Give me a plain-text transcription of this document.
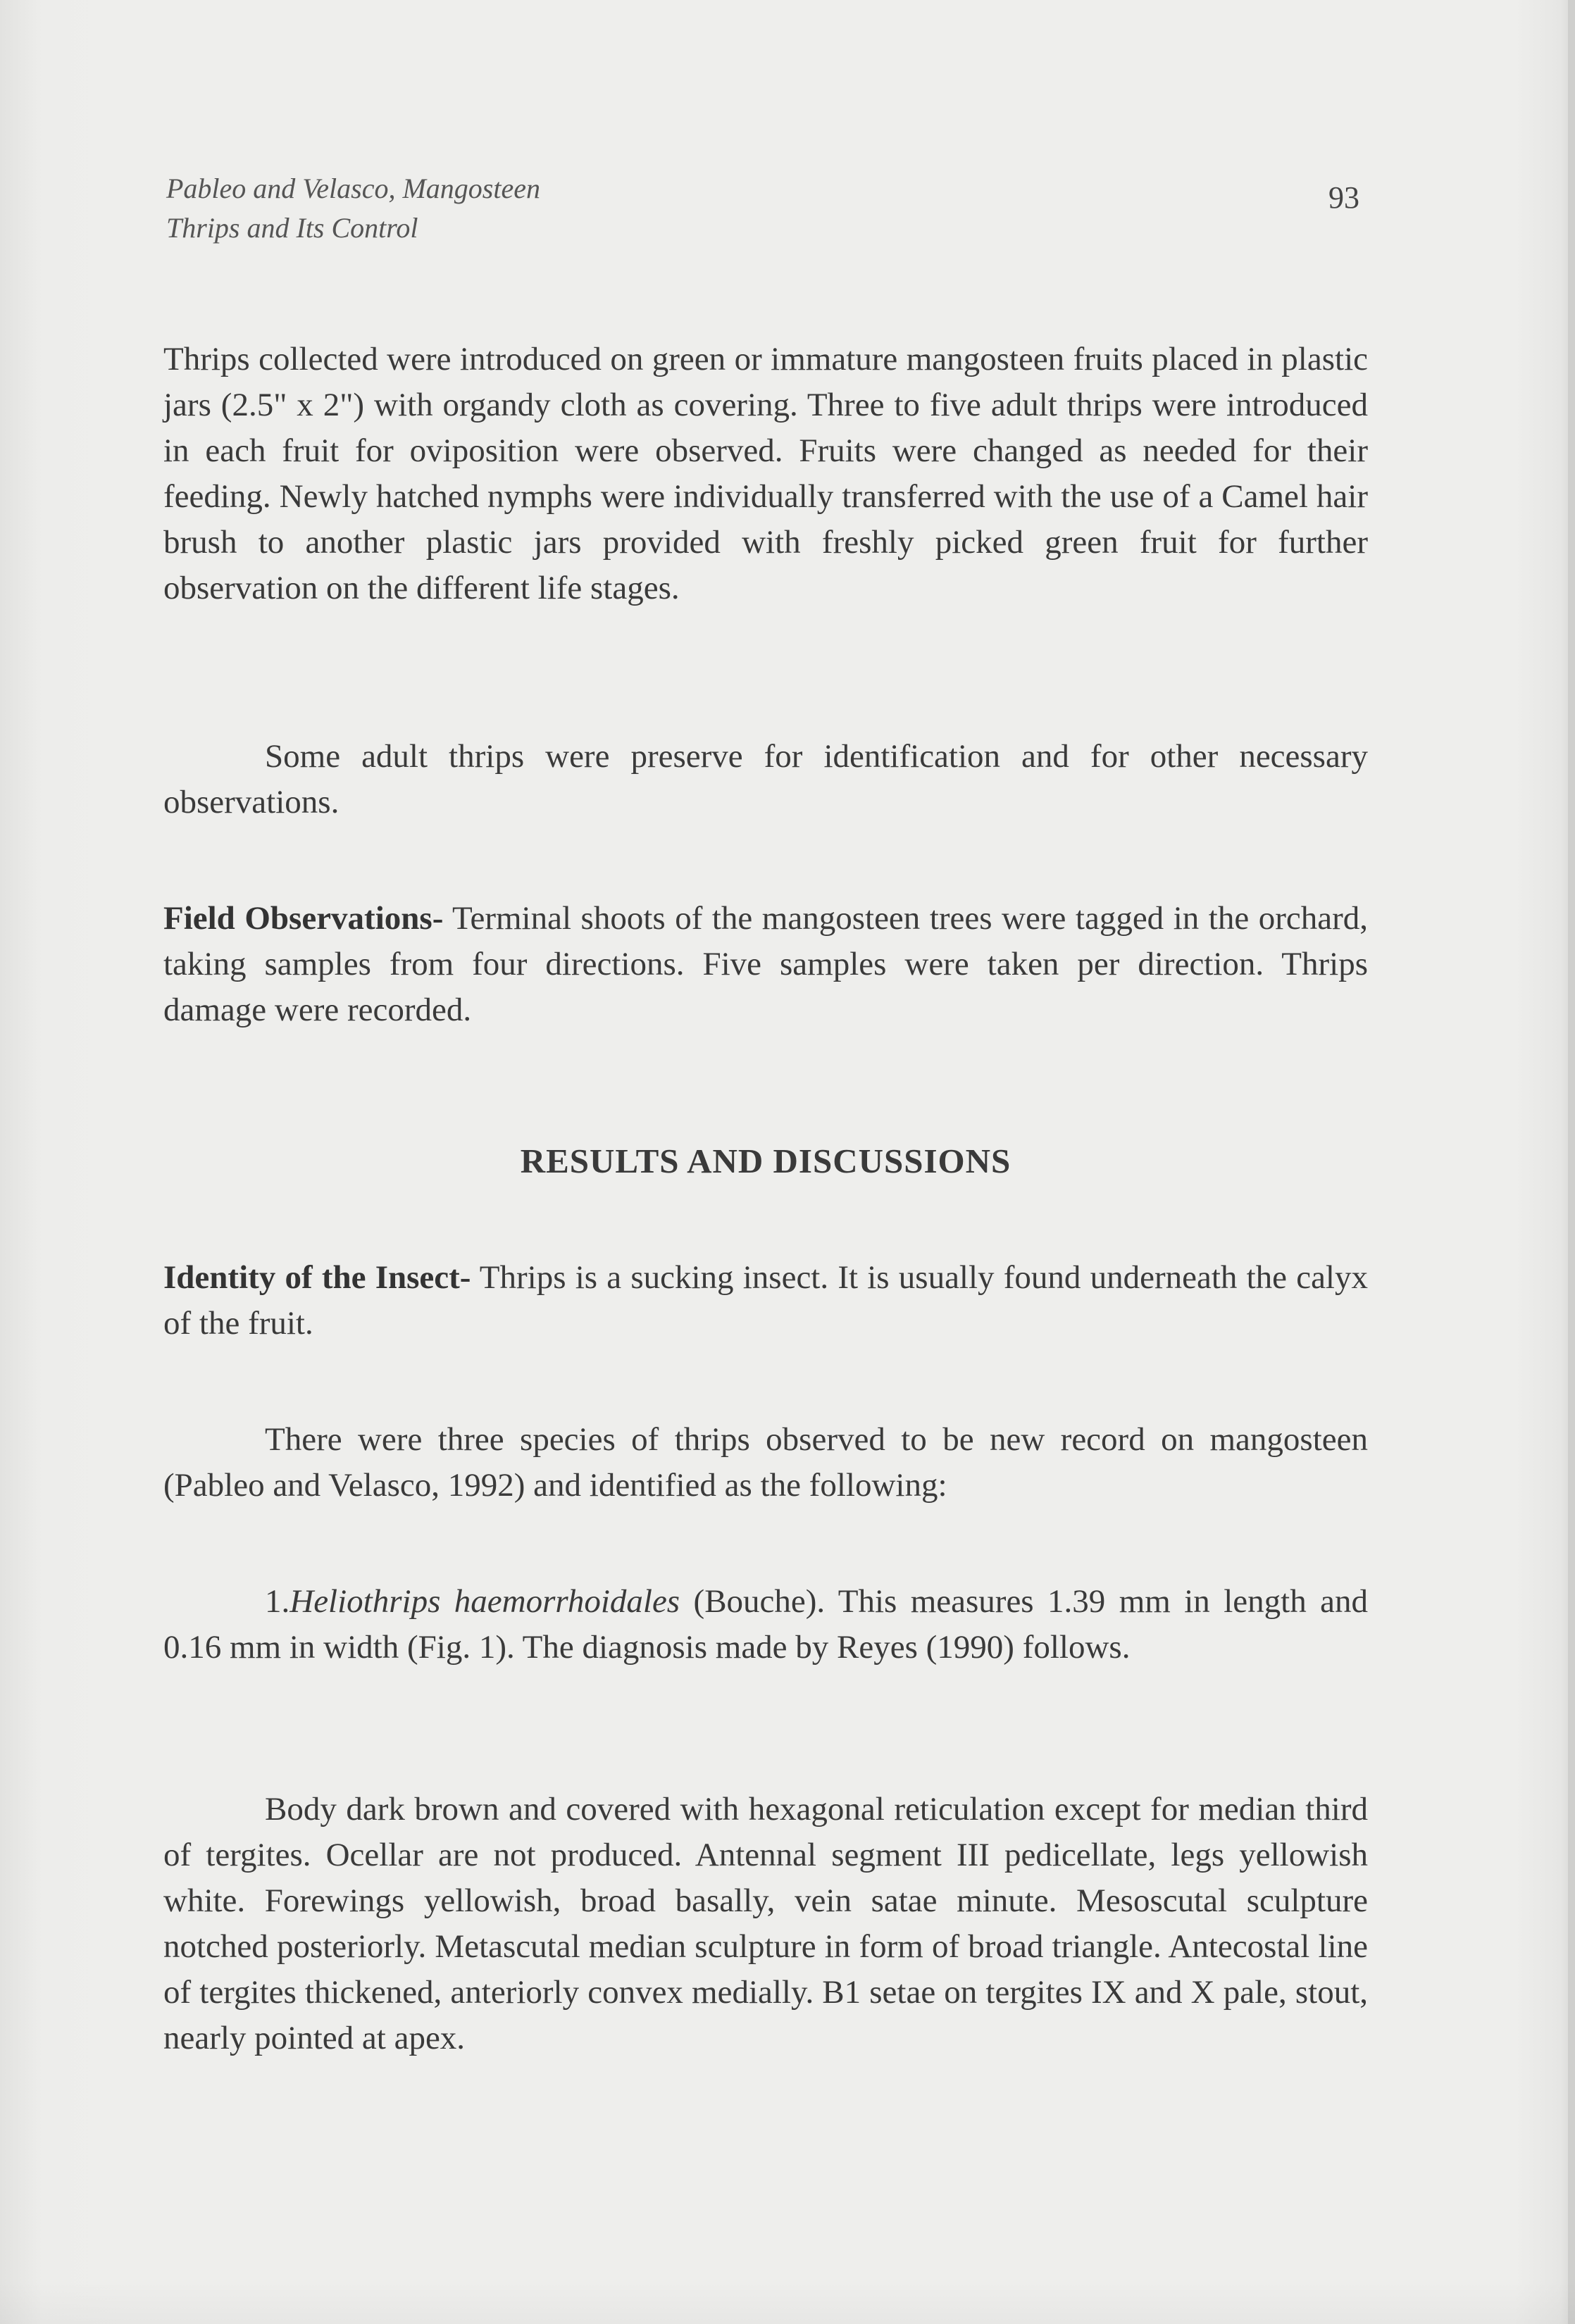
Pableo and Velasco, Mangosteen
Thrips and Its Control
93

Thrips collected were introduced on green or immature mangosteen fruits placed in plastic jars (2.5" x 2") with organdy cloth as covering. Three to five adult thrips were introduced in each fruit for oviposition were observed. Fruits were changed as needed for their feeding. Newly hatched nymphs were individually transferred with the use of a Camel hair brush to another plastic jars provided with freshly picked green fruit for further observation on the different life stages.

Some adult thrips were preserve for identification and for other necessary observations.

Field Observations- Terminal shoots of the mangosteen trees were tagged in the orchard, taking samples from four directions. Five samples were taken per direction. Thrips damage were recorded.

RESULTS AND DISCUSSIONS

Identity of the Insect- Thrips is a sucking insect. It is usually found underneath the calyx of the fruit.

There were three species of thrips observed to be new record on mangosteen (Pableo and Velasco, 1992) and identified as the following:

1.Heliothrips haemorrhoidales (Bouche). This measures 1.39 mm in length and 0.16 mm in width (Fig. 1). The diagnosis made by Reyes (1990) follows.

Body dark brown and covered with hexagonal reticulation except for median third of tergites. Ocellar are not produced. Antennal segment III pedicellate, legs yellowish white. Forewings yellowish, broad basally, vein satae minute. Mesoscutal sculpture notched posteriorly. Metascutal median sculpture in form of broad triangle. Antecostal line of tergites thickened, anteriorly convex medially. B1 setae on tergites IX and X pale, stout, nearly pointed at apex.
